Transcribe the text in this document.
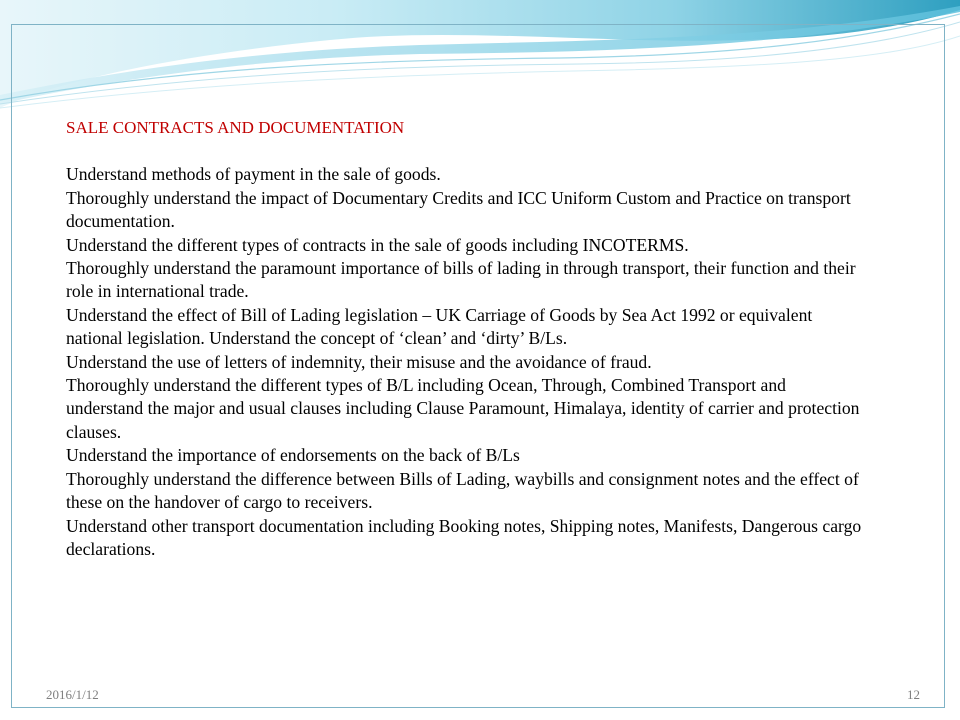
SALE CONTRACTS AND DOCUMENTATION

Understand methods of payment in the sale of goods.

Thoroughly understand the impact of Documentary Credits and ICC Uniform Custom and Practice on transport documentation.

Understand the different types of contracts in the sale of goods including INCOTERMS.

Thoroughly understand the paramount importance of bills of lading in through transport, their function and their role in international trade.

Understand the effect of Bill of Lading legislation – UK Carriage of Goods by Sea Act 1992 or equivalent national legislation. Understand the concept of ‘clean’ and ‘dirty’ B/Ls.

Understand the use of letters of indemnity, their misuse and the avoidance of fraud.

Thoroughly understand the different types of B/L including Ocean, Through, Combined Transport and understand the major and usual clauses including Clause Paramount, Himalaya, identity of carrier and protection clauses.

Understand the importance of endorsements on the back of B/Ls

Thoroughly understand the difference between Bills of Lading, waybills and consignment notes and the effect of these on the handover of cargo to receivers.

Understand other transport documentation including Booking notes, Shipping notes, Manifests, Dangerous cargo declarations.

2016/1/12	12
